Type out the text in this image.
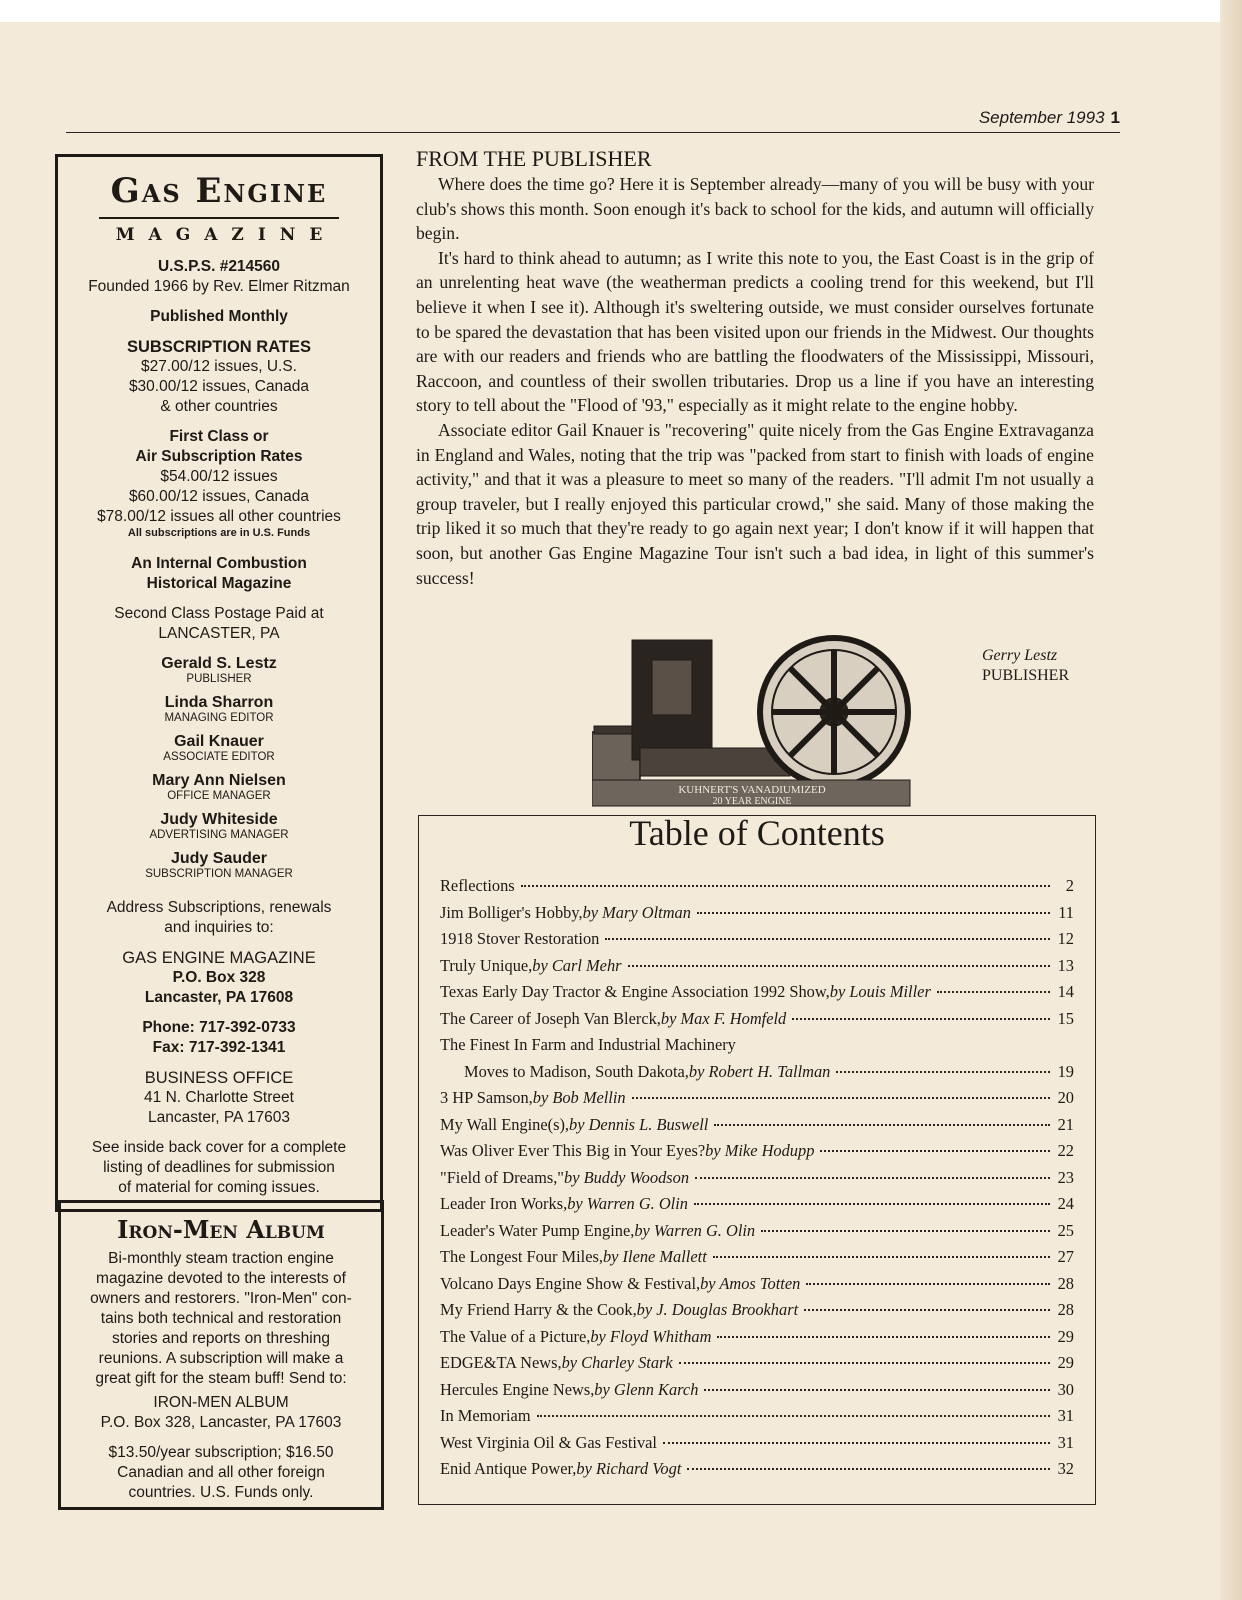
September 1993 1
Gas Engine
MAGAZINE
U.S.P.S. #214560
Founded 1966 by Rev. Elmer Ritzman
Published Monthly
SUBSCRIPTION RATES
$27.00/12 issues, U.S.
$30.00/12 issues, Canada
& other countries
First Class or
Air Subscription Rates
$54.00/12 issues
$60.00/12 issues, Canada
$78.00/12 issues all other countries
All subscriptions are in U.S. Funds
An Internal Combustion
Historical Magazine
Second Class Postage Paid at
LANCASTER, PA
Gerald S. Lestz
PUBLISHER
Linda Sharron
MANAGING EDITOR
Gail Knauer
ASSOCIATE EDITOR
Mary Ann Nielsen
OFFICE MANAGER
Judy Whiteside
ADVERTISING MANAGER
Judy Sauder
SUBSCRIPTION MANAGER
Address Subscriptions, renewals
and inquiries to:
GAS ENGINE MAGAZINE
P.O. Box 328
Lancaster, PA 17608
Phone: 717-392-0733
Fax: 717-392-1341
BUSINESS OFFICE
41 N. Charlotte Street
Lancaster, PA 17603
See inside back cover for a complete
listing of deadlines for submission
of material for coming issues.
Iron-Men Album
Bi-monthly steam traction engine
magazine devoted to the interests of
owners and restorers. "Iron-Men" con-
tains both technical and restoration
stories and reports on threshing
reunions. A subscription will make a
great gift for the steam buff! Send to:
IRON-MEN ALBUM
P.O. Box 328, Lancaster, PA 17603
$13.50/year subscription; $16.50
Canadian and all other foreign
countries. U.S. Funds only.
FROM THE PUBLISHER

Where does the time go? Here it is September already—many of you will be busy with your club's shows this month. Soon enough it's back to school for the kids, and autumn will officially begin.

It's hard to think ahead to autumn; as I write this note to you, the East Coast is in the grip of an unrelenting heat wave (the weatherman predicts a cooling trend for this weekend, but I'll believe it when I see it). Although it's sweltering outside, we must consider ourselves fortunate to be spared the devastation that has been visited upon our friends in the Midwest. Our thoughts are with our readers and friends who are battling the floodwaters of the Mississippi, Missouri, Raccoon, and countless of their swollen tributaries. Drop us a line if you have an interesting story to tell about the "Flood of '93," especially as it might relate to the engine hobby.

Associate editor Gail Knauer is "recovering" quite nicely from the Gas Engine Extravaganza in England and Wales, noting that the trip was "packed from start to finish with loads of engine activity," and that it was a pleasure to meet so many of the readers. "I'll admit I'm not usually a group traveler, but I really enjoyed this particular crowd," she said. Many of those making the trip liked it so much that they're ready to go again next year; I don't know if it will happen that soon, but another Gas Engine Magazine Tour isn't such a bad idea, in light of this summer's success!

Gerry Lestz
PUBLISHER
KUHNERT'S VANADIUMIZED
20 YEAR ENGINE
Table of Contents
Reflections	2
Jim Bolliger's Hobby, by Mary Oltman	11
1918 Stover Restoration	12
Truly Unique, by Carl Mehr	13
Texas Early Day Tractor & Engine Association 1992 Show, by Louis Miller	14
The Career of Joseph Van Blerck, by Max F. Homfeld	15
The Finest In Farm and Industrial Machinery
Moves to Madison, South Dakota, by Robert H. Tallman	19
3 HP Samson, by Bob Mellin	20
My Wall Engine(s), by Dennis L. Buswell	21
Was Oliver Ever This Big in Your Eyes? by Mike Hodupp	22
"Field of Dreams," by Buddy Woodson	23
Leader Iron Works, by Warren G. Olin	24
Leader's Water Pump Engine, by Warren G. Olin	25
The Longest Four Miles, by Ilene Mallett	27
Volcano Days Engine Show & Festival, by Amos Totten	28
My Friend Harry & the Cook, by J. Douglas Brookhart	28
The Value of a Picture, by Floyd Whitham	29
EDGE&TA News, by Charley Stark	29
Hercules Engine News, by Glenn Karch	30
In Memoriam	31
West Virginia Oil & Gas Festival	31
Enid Antique Power, by Richard Vogt	32
